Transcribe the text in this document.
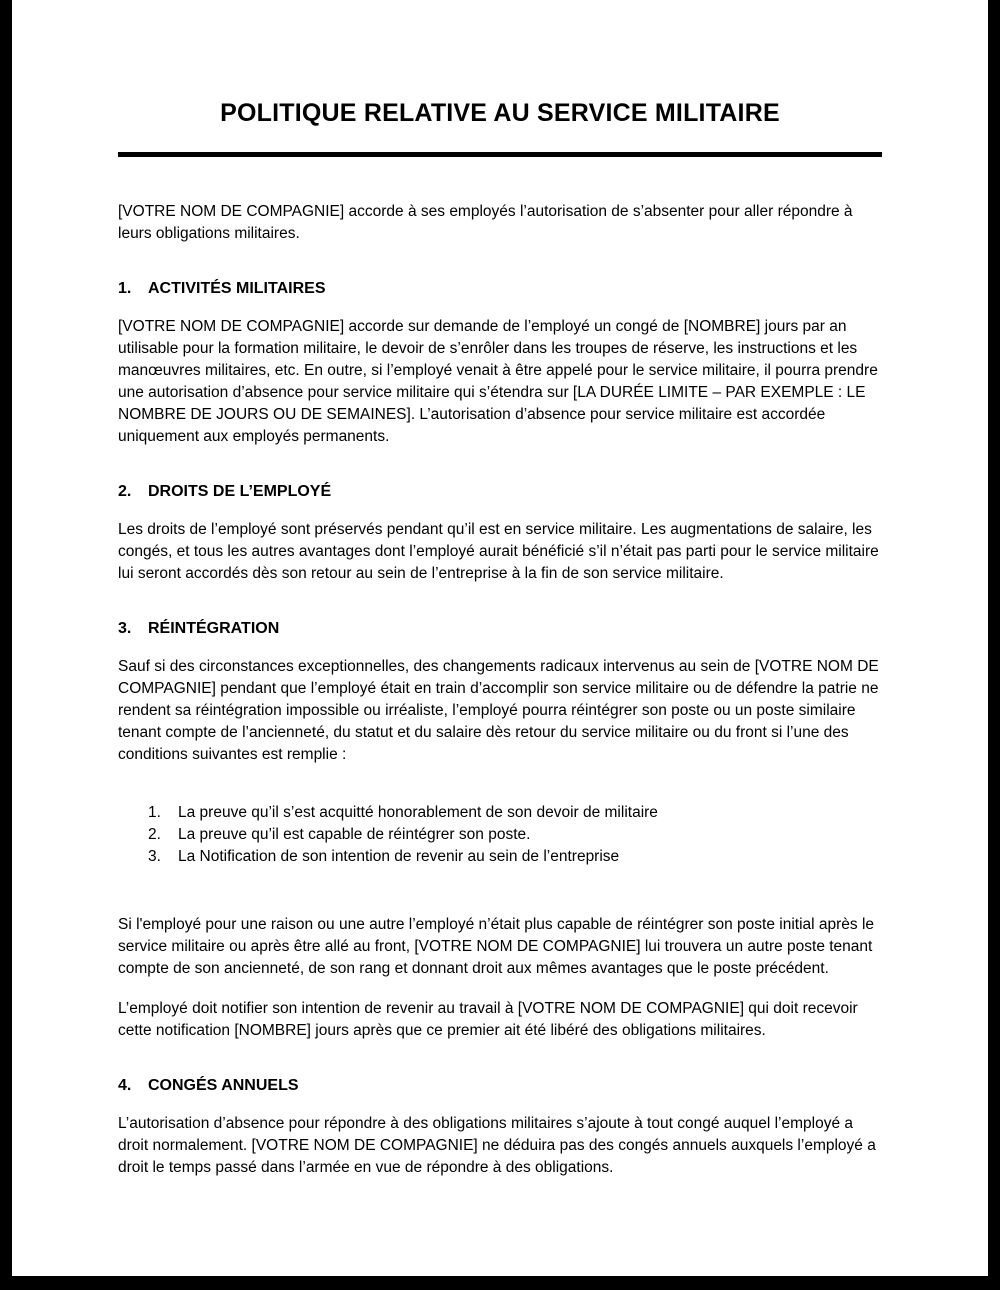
POLITIQUE RELATIVE AU SERVICE MILITAIRE

[VOTRE NOM DE COMPAGNIE] accorde à ses employés l’autorisation de s’absenter pour aller répondre à leurs obligations militaires.

1. ACTIVITÉS MILITAIRES

[VOTRE NOM DE COMPAGNIE] accorde sur demande de l’employé un congé de [NOMBRE] jours par an utilisable pour la formation militaire, le devoir de s’enrôler dans les troupes de réserve, les instructions et les manœuvres militaires, etc. En outre, si l’employé venait à être appelé pour le service militaire, il pourra prendre une autorisation d’absence pour service militaire qui s’étendra sur [LA DURÉE LIMITE – PAR EXEMPLE : LE NOMBRE DE JOURS OU DE SEMAINES]. L’autorisation d’absence pour service militaire est accordée uniquement aux employés permanents.

2. DROITS DE L’EMPLOYÉ

Les droits de l’employé sont préservés pendant qu’il est en service militaire. Les augmentations de salaire, les congés, et tous les autres avantages dont l’employé aurait bénéficié s’il n’était pas parti pour le service militaire lui seront accordés dès son retour au sein de l’entreprise à la fin de son service militaire.

3. RÉINTÉGRATION

Sauf si des circonstances exceptionnelles, des changements radicaux intervenus au sein de [VOTRE NOM DE COMPAGNIE] pendant que l’employé était en train d’accomplir son service militaire ou de défendre la patrie ne rendent sa réintégration impossible ou irréaliste, l’employé pourra réintégrer son poste ou un poste similaire tenant compte de l’ancienneté, du statut et du salaire dès retour du service militaire ou du front si l’une des conditions suivantes est remplie :

1.	La preuve qu’il s’est acquitté honorablement de son devoir de militaire
2.	La preuve qu’il est capable de réintégrer son poste.
3.	La Notification de son intention de revenir au sein de l’entreprise

Si l'employé pour une raison ou une autre l’employé n’était plus capable de réintégrer son poste initial après le service militaire ou après être allé au front, [VOTRE NOM DE COMPAGNIE] lui trouvera un autre poste tenant compte de son ancienneté, de son rang et donnant droit aux mêmes avantages que le poste précédent.

L’employé doit notifier son intention de revenir au travail à [VOTRE NOM DE COMPAGNIE] qui doit recevoir cette notification [NOMBRE] jours après que ce premier ait été libéré des obligations militaires.

4. CONGÉS ANNUELS

L’autorisation d’absence pour répondre à des obligations militaires s’ajoute à tout congé auquel l’employé a droit normalement. [VOTRE NOM DE COMPAGNIE] ne déduira pas des congés annuels auxquels l’employé a droit le temps passé dans l’armée en vue de répondre à des obligations.
